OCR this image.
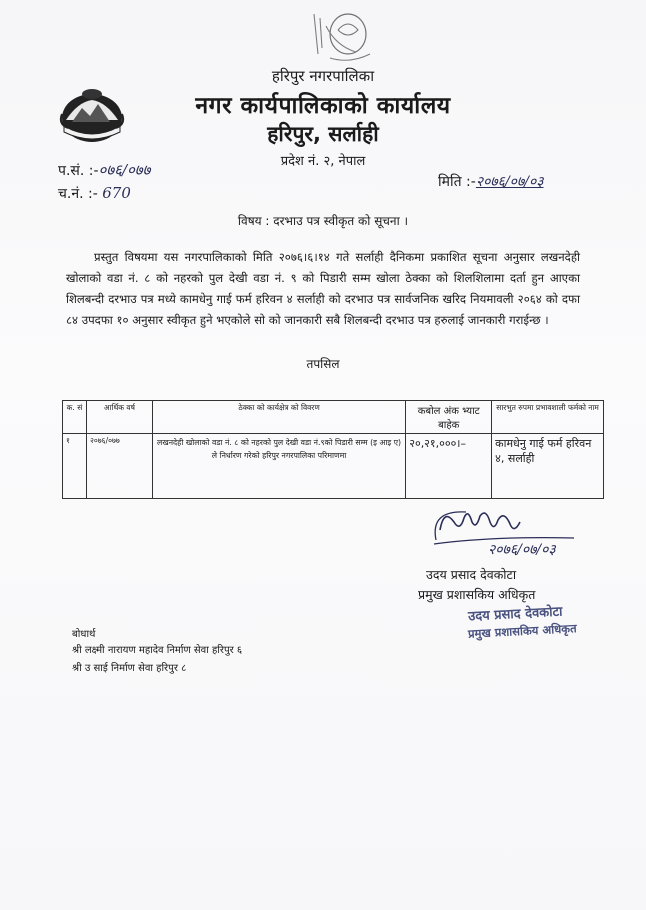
हरिपुर नगरपालिका
नगर कार्यपालिकाको कार्यालय
हरिपुर, सर्लाही
प्रदेश नं. २, नेपाल
प.सं. :-०७६/०७७
च.नं. :- 670
मिति :-२०७६/०७/०३
विषय : दरभाउ पत्र स्वीकृत को सूचना ।
प्रस्तुत विषयमा यस नगरपालिकाको मिति २०७६।६।१४ गते सर्लाही दैनिकमा प्रकाशित सूचना अनुसार लखनदेही खोलाको वडा नं. ८ को नहरको पुल देखी वडा नं. ९ को पिडारी सम्म खोला ठेक्का को शिलशिलामा दर्ता हुन आएका शिलबन्दी दरभाउ पत्र मध्ये कामधेनु गाई फर्म हरिवन ४ सर्लाही को दरभाउ पत्र सार्वजनिक खरिद नियमावली २०६४ को दफा ८४ उपदफा १० अनुसार स्वीकृत हुने भएकोले सो को जानकारी सबै शिलबन्दी दरभाउ पत्र हरुलाई जानकारी गराईन्छ ।
तपसिल
क. सं	आर्थिक वर्ष	ठेक्का को कार्यक्षेत्र को विवरण	कबोल अंक भ्याट बाहेक	सारभुत रुपमा प्रभावशाली फर्मको नाम
१	२०७६/०७७	लखनदेही खोलाको वडा नं. ८ को नहरको पुल देखी वडा नं.९को पिडारी सम्म (इ आइ ए) ले निर्धारण गरेको हरिपुर नगरपालिका परिमाणमा	२०,२१,०००।–	कामधेनु गाई फर्म हरिवन ४, सर्लाही
२०७६/०७/०३
उदय प्रसाद देवकोटा
प्रमुख प्रशासकिय अधिकृत
उदय प्रसाद देवकोटा
प्रमुख प्रशासकिय अधिकृत
बोधार्थ
श्री लक्ष्मी नारायण महादेव निर्माण सेवा हरिपुर ६
श्री उ साई निर्माण सेवा हरिपुर ८
